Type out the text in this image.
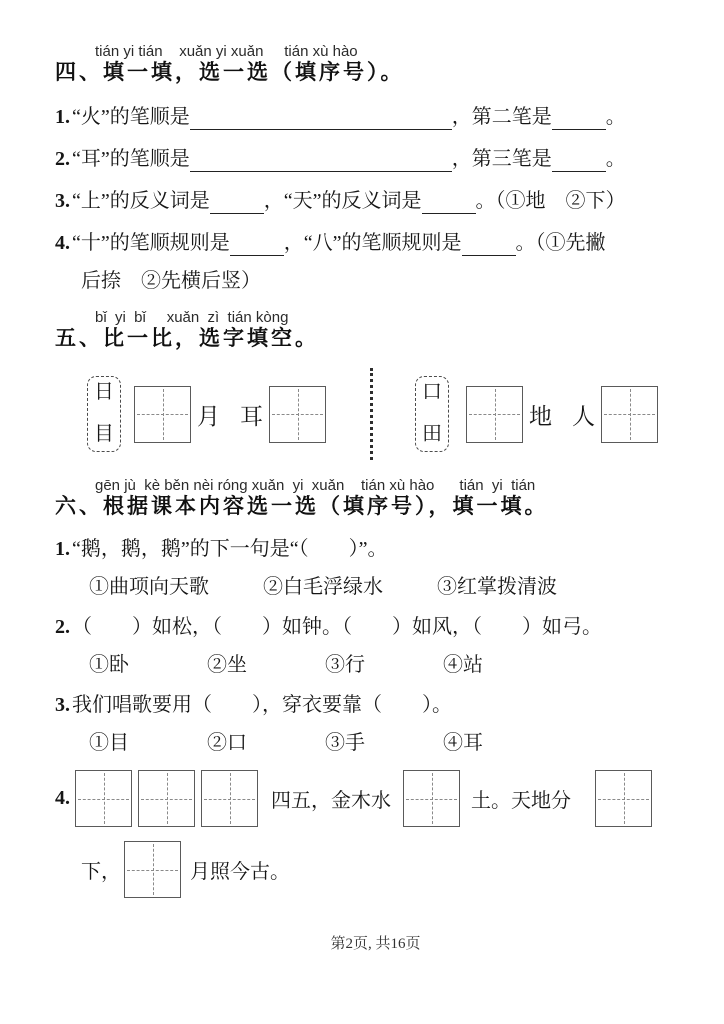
tián yi tián    xuǎn yi xuǎn     tián xù hào
四、填一填，选一选（填序号）。
1. “火”的笔顺是	，第二笔是	。
2. “耳”的笔顺是	，第三笔是	。
3. “上”的反义词是	，“天”的反义词是	。（①地　②下）
4. “十”的笔顺规则是	，“八”的笔顺规则是	。（①先撇
后捺　②先横后竖）
bǐ  yi  bǐ     xuǎn  zì  tián kòng
五、比一比，选字填空。
日
目
月 耳
口
田
地 人
gēn jù  kè běn nèi róng xuǎn  yi  xuǎn    tián xù hào      tián  yi  tián
六、根据课本内容选一选（填序号），填一填。
1. “鹅，鹅，鹅”的下一句是“（　　）”。
①曲项向天歌	②白毛浮绿水	③红掌拨清波
2. （　　）如松，（　　）如钟。（　　）如风，（　　）如弓。
①卧	②坐	③行	④站
3. 我们唱歌要用（　　），穿衣要靠（　　）。
①目	②口	③手	④耳
4.	四五，金木水	土。天地分
下，	月照今古。
第2页, 共16页
